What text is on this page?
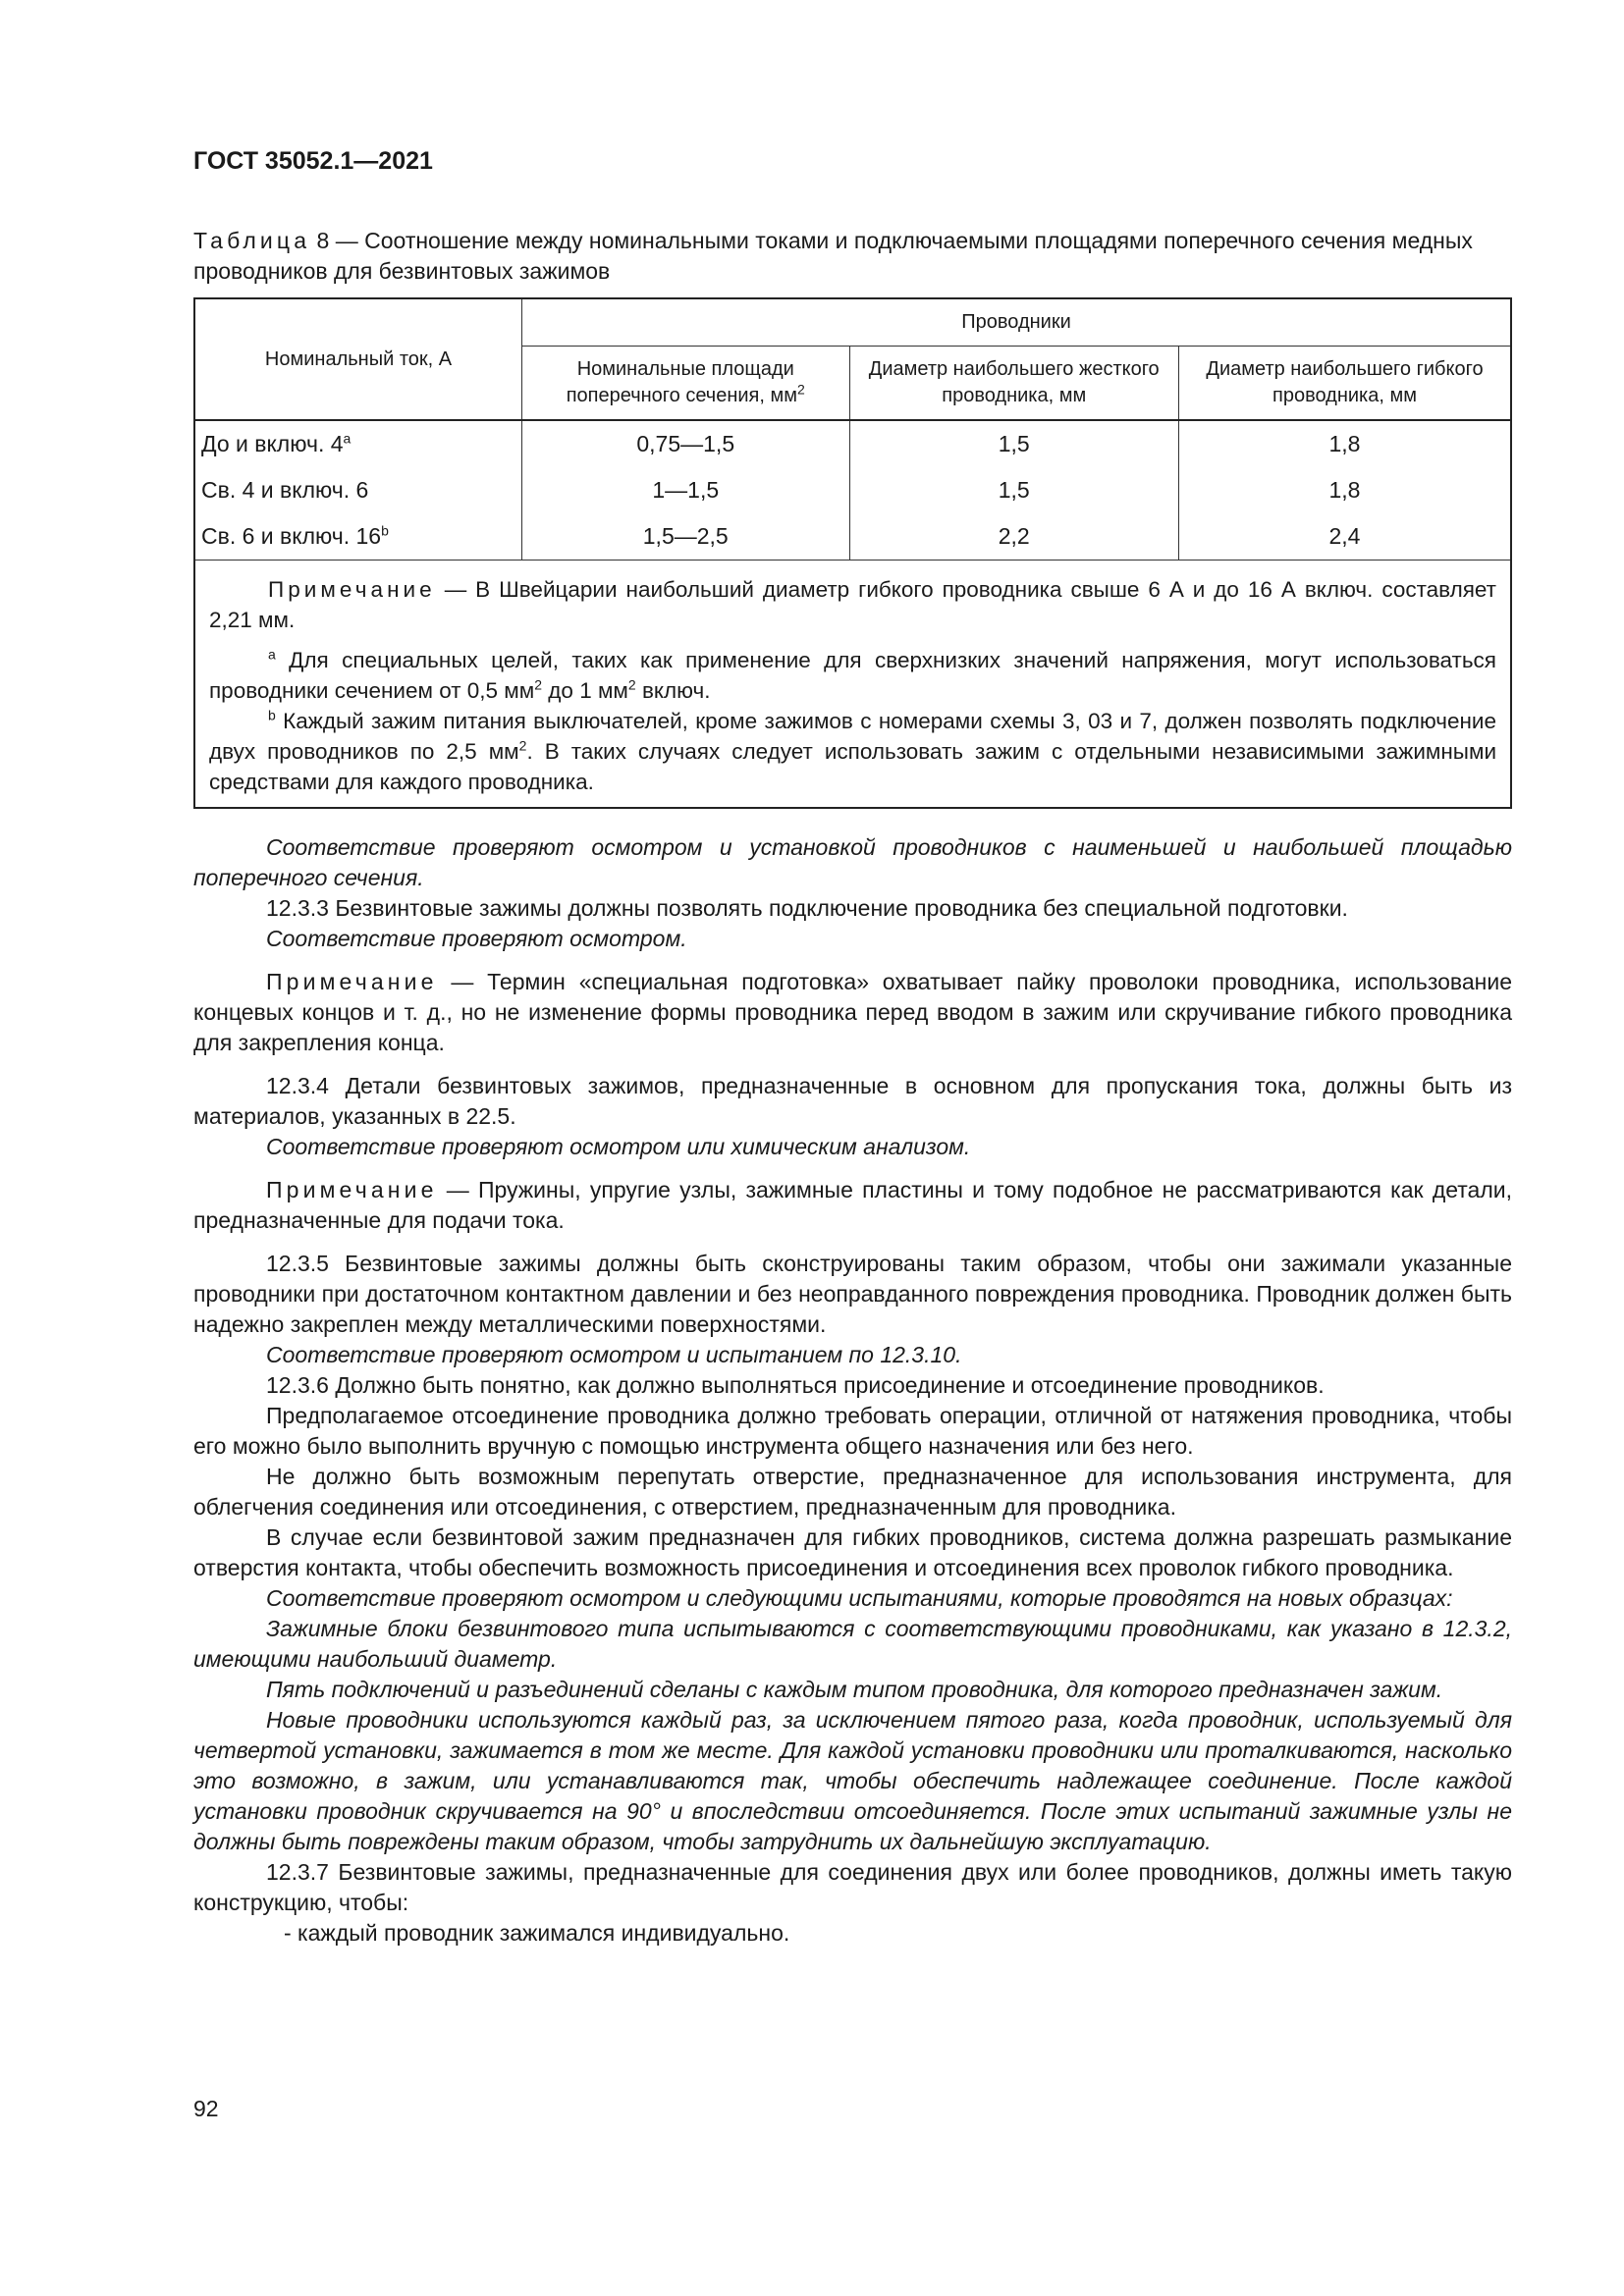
ГОСТ 35052.1—2021
Таблица 8 — Соотношение между номинальными токами и подключаемыми площадями поперечного сечения медных проводников для безвинтовых зажимов
Номинальный ток, А	Проводники		
	Номинальные площади поперечного сечения, $мм^2$	Диаметр наибольшего жесткого проводника, мм	Диаметр наибольшего гибкого проводника, мм
До и включ. 4$^a$	0,75—1,5	1,5	1,8
Св. 4 и включ. 6	1—1,5	1,5	1,8
Св. 6 и включ. 16$^b$	1,5—2,5	2,2	2,4

Примечание — В Швейцарии наибольший диаметр гибкого проводника свыше 6 А и до 16 А включ. составляет 2,21 мм.

$^a$ Для специальных целей, таких как применение для сверхнизких значений напряжения, могут использоваться проводники сечением от 0,5 $мм^2$ до 1 $мм^2$ включ.

$^b$ Каждый зажим питания выключателей, кроме зажимов с номерами схемы 3, 03 и 7, должен позволять подключение двух проводников по 2,5 $мм^2$. В таких случаях следует использовать зажим с отдельными независимыми зажимными средствами для каждого проводника.			

Соответствие проверяют осмотром и установкой проводников с наименьшей и наибольшей площадью поперечного сечения.

12.3.3 Безвинтовые зажимы должны позволять подключение проводника без специальной подготовки.

Соответствие проверяют осмотром.

Примечание — Термин «специальная подготовка» охватывает пайку проволоки проводника, использование концевых концов и т. д., но не изменение формы проводника перед вводом в зажим или скручивание гибкого проводника для закрепления конца.

12.3.4 Детали безвинтовых зажимов, предназначенные в основном для пропускания тока, должны быть из материалов, указанных в 22.5.

Соответствие проверяют осмотром или химическим анализом.

Примечание — Пружины, упругие узлы, зажимные пластины и тому подобное не рассматриваются как детали, предназначенные для подачи тока.

12.3.5 Безвинтовые зажимы должны быть сконструированы таким образом, чтобы они зажимали указанные проводники при достаточном контактном давлении и без неоправданного повреждения проводника. Проводник должен быть надежно закреплен между металлическими поверхностями.

Соответствие проверяют осмотром и испытанием по 12.3.10.

12.3.6 Должно быть понятно, как должно выполняться присоединение и отсоединение проводников.

Предполагаемое отсоединение проводника должно требовать операции, отличной от натяжения проводника, чтобы его можно было выполнить вручную с помощью инструмента общего назначения или без него.

Не должно быть возможным перепутать отверстие, предназначенное для использования инструмента, для облегчения соединения или отсоединения, с отверстием, предназначенным для проводника.

В случае если безвинтовой зажим предназначен для гибких проводников, система должна разрешать размыкание отверстия контакта, чтобы обеспечить возможность присоединения и отсоединения всех проволок гибкого проводника.

Соответствие проверяют осмотром и следующими испытаниями, которые проводятся на новых образцах:

Зажимные блоки безвинтового типа испытываются с соответствующими проводниками, как указано в 12.3.2, имеющими наибольший диаметр.

Пять подключений и разъединений сделаны с каждым типом проводника, для которого предназначен зажим.

Новые проводники используются каждый раз, за исключением пятого раза, когда проводник, используемый для четвертой установки, зажимается в том же месте. Для каждой установки проводники или проталкиваются, насколько это возможно, в зажим, или устанавливаются так, чтобы обеспечить надлежащее соединение. После каждой установки проводник скручивается на 90° и впоследствии отсоединяется. После этих испытаний зажимные узлы не должны быть повреждены таким образом, чтобы затруднить их дальнейшую эксплуатацию.

12.3.7 Безвинтовые зажимы, предназначенные для соединения двух или более проводников, должны иметь такую конструкцию, чтобы:

- каждый проводник зажимался индивидуально.

92
